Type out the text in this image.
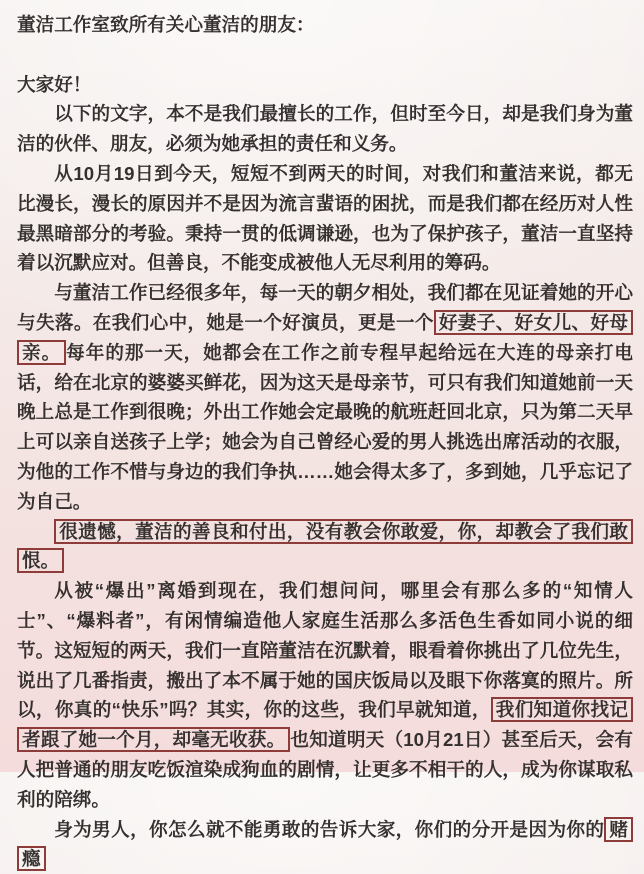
董洁工作室致所有关心董洁的朋友：

大家好！

以下的文字，本不是我们最擅长的工作，但时至今日，却是我们身为董洁的伙伴、朋友，必须为她承担的责任和义务。

从10月19日到今天，短短不到两天的时间，对我们和董洁来说，都无比漫长，漫长的原因并不是因为流言蜚语的困扰，而是我们都在经历对人性最黑暗部分的考验。秉持一贯的低调谦逊，也为了保护孩子，董洁一直坚持着以沉默应对。但善良，不能变成被他人无尽利用的筹码。

与董洁工作已经很多年，每一天的朝夕相处，我们都在见证着她的开心与失落。在我们心中，她是一个好演员，更是一个 好妻子、好女儿、好母亲。 每年的那一天，她都会在工作之前专程早起给远在大连的母亲打电话，给在北京的婆婆买鲜花，因为这天是母亲节，可只有我们知道她前一天晚上总是工作到很晚；外出工作她会定最晚的航班赶回北京，只为第二天早上可以亲自送孩子上学；她会为自己曾经心爱的男人挑选出席活动的衣服，为他的工作不惜与身边的我们争执……她会得太多了，多到她，几乎忘记了为自己。

很遗憾，董洁的善良和付出，没有教会你敢爱，你，却教会了我们敢恨。

从被“爆出”离婚到现在，我们想问问，哪里会有那么多的“知情人士”、“爆料者”，有闲情编造他人家庭生活那么多活色生香如同小说的细节。这短短的两天，我们一直陪董洁在沉默着，眼看着你挑出了几位先生，说出了几番指责，搬出了本不属于她的国庆饭局以及眼下你落寞的照片。所以，你真的“快乐”吗？其实，你的这些，我们早就知道， 我们知道你找记者跟了她一个月，却毫无收获。 也知道明天（10月21日）甚至后天，会有人把普通的朋友吃饭渲染成狗血的剧情，让更多不相干的人，成为你谋取私利的陪绑。

身为男人，你怎么就不能勇敢的告诉大家，你们的分开是因为你的 赌瘾
